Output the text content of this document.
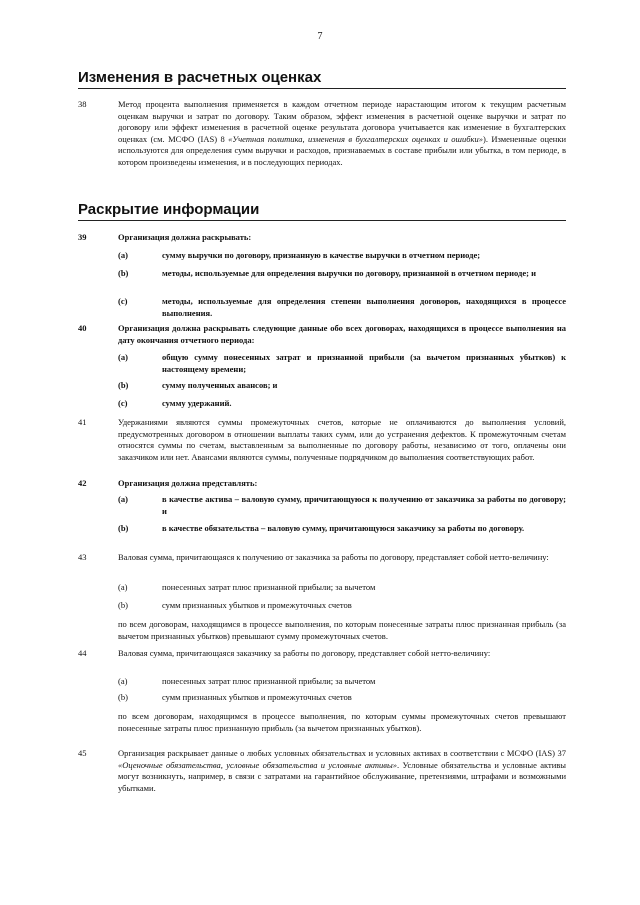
7
Изменения в расчетных оценках
38	Метод процента выполнения применяется в каждом отчетном периоде нарастающим итогом к текущим расчетным оценкам выручки и затрат по договору. Таким образом, эффект изменения в расчетной оценке выручки и затрат по договору или эффект изменения в расчетной оценке результата договора учитывается как изменение в бухгалтерских оценках (см. МСФО (IAS) 8 «Учетная политика, изменения в бухгалтерских оценках и ошибки»). Измененные оценки используются для определения сумм выручки и расходов, признаваемых в составе прибыли или убытка, в том периоде, в котором произведены изменения, и в последующих периодах.
Раскрытие информации
39	Организация должна раскрывать:
(a)	сумму выручки по договору, признанную в качестве выручки в отчетном периоде;
(b)	методы, используемые для определения выручки по договору, признанной в отчетном периоде; и
(c)	методы, используемые для определения степени выполнения договоров, находящихся в процессе выполнения.
40	Организация должна раскрывать следующие данные обо всех договорах, находящихся в процессе выполнения на дату окончания отчетного периода:
(a)	общую сумму понесенных затрат и признанной прибыли (за вычетом признанных убытков) к настоящему времени;
(b)	сумму полученных авансов; и
(c)	сумму удержаний.
41	Удержаниями являются суммы промежуточных счетов, которые не оплачиваются до выполнения условий, предусмотренных договором в отношении выплаты таких сумм, или до устранения дефектов. К промежуточным счетам относятся суммы по счетам, выставленным за выполненные по договору работы, независимо от того, оплачены они заказчиком или нет. Авансами являются суммы, полученные подрядчиком до выполнения соответствующих работ.
42	Организация должна представлять:
(a)	в качестве актива – валовую сумму, причитающуюся к получению от заказчика за работы по договору; и
(b)	в качестве обязательства – валовую сумму, причитающуюся заказчику за работы по договору.
43	Валовая сумма, причитающаяся к получению от заказчика за работы по договору, представляет собой нетто-величину:
(a)	понесенных затрат плюс признанной прибыли; за вычетом
(b)	сумм признанных убытков и промежуточных счетов
по всем договорам, находящимся в процессе выполнения, по которым понесенные затраты плюс признанная прибыль (за вычетом признанных убытков) превышают сумму промежуточных счетов.
44	Валовая сумма, причитающаяся заказчику за работы по договору, представляет собой нетто-величину:
(a)	понесенных затрат плюс признанной прибыли; за вычетом
(b)	сумм признанных убытков и промежуточных счетов
по всем договорам, находящимся в процессе выполнения, по которым суммы промежуточных счетов превышают понесенные затраты плюс признанную прибыль (за вычетом признанных убытков).
45	Организация раскрывает данные о любых условных обязательствах и условных активах в соответствии с МСФО (IAS) 37 «Оценочные обязательства, условные обязательства и условные активы». Условные обязательства и условные активы могут возникнуть, например, в связи с затратами на гарантийное обслуживание, претензиями, штрафами и возможными убытками.
